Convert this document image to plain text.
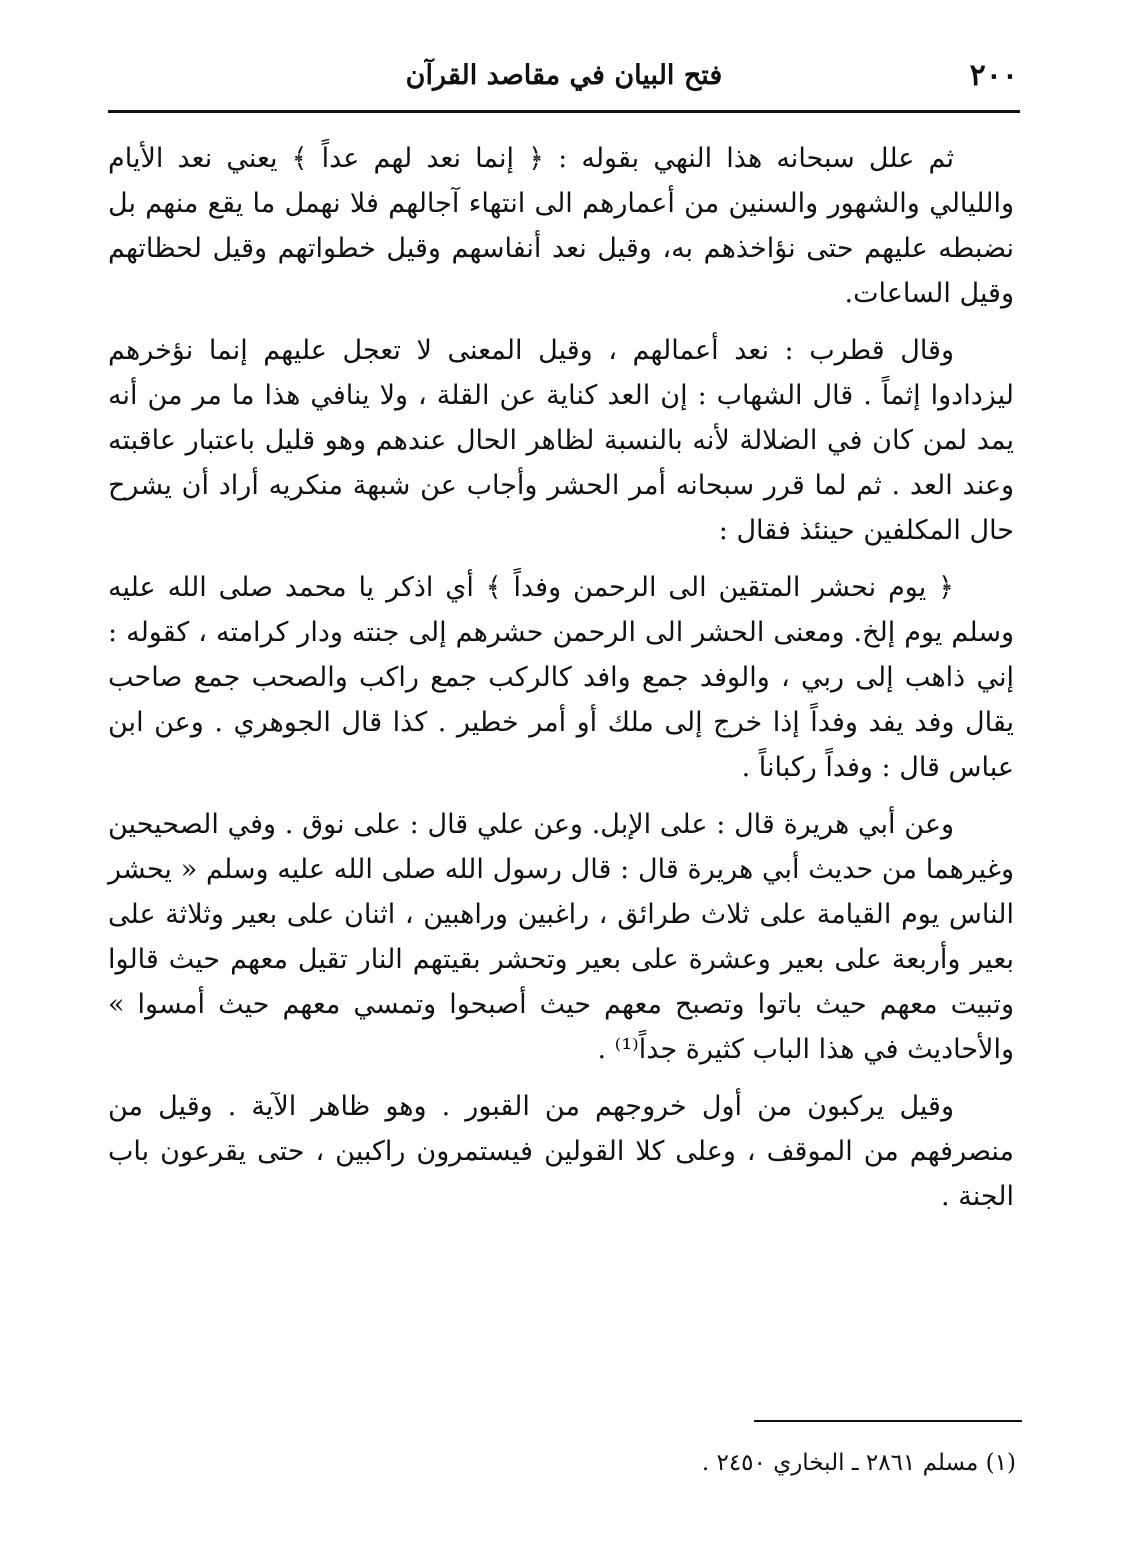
٢٠٠
فتح البيان في مقاصد القرآن

ثم علل سبحانه هذا النهي بقوله : ﴿ إنما نعد لهم عداً ﴾ يعني نعد الأيام والليالي والشهور والسنين من أعمارهم الى انتهاء آجالهم فلا نهمل ما يقع منهم بل نضبطه عليهم حتى نؤاخذهم به، وقيل نعد أنفاسهم وقيل خطواتهم وقيل لحظاتهم وقيل الساعات.

وقال قطرب : نعد أعمالهم ، وقيل المعنى لا تعجل عليهم إنما نؤخرهم ليزدادوا إثماً . قال الشهاب : إن العد كناية عن القلة ، ولا ينافي هذا ما مر من أنه يمد لمن كان في الضلالة لأنه بالنسبة لظاهر الحال عندهم وهو قليل باعتبار عاقبته وعند العد . ثم لما قرر سبحانه أمر الحشر وأجاب عن شبهة منكريه أراد أن يشرح حال المكلفين حينئذ فقال :

﴿ يوم نحشر المتقين الى الرحمن وفداً ﴾ أي اذكر يا محمد صلى الله عليه وسلم يوم إلخ. ومعنى الحشر الى الرحمن حشرهم إلى جنته ودار كرامته ، كقوله : إني ذاهب إلى ربي ، والوفد جمع وافد كالركب جمع راكب والصحب جمع صاحب يقال وفد يفد وفداً إذا خرج إلى ملك أو أمر خطير . كذا قال الجوهري . وعن ابن عباس قال : وفداً ركباناً .

وعن أبي هريرة قال : على الإبل. وعن علي قال : على نوق . وفي الصحيحين وغيرهما من حديث أبي هريرة قال : قال رسول الله صلى الله عليه وسلم « يحشر الناس يوم القيامة على ثلاث طرائق ، راغبين وراهبين ، اثنان على بعير وثلاثة على بعير وأربعة على بعير وعشرة على بعير وتحشر بقيتهم النار تقيل معهم حيث قالوا وتبيت معهم حيث باتوا وتصبح معهم حيث أصبحوا وتمسي معهم حيث أمسوا » والأحاديث في هذا الباب كثيرة جداً⁽¹⁾ .

وقيل يركبون من أول خروجهم من القبور . وهو ظاهر الآية . وقيل من منصرفهم من الموقف ، وعلى كلا القولين فيستمرون راكبين ، حتى يقرعون باب الجنة .

(١) مسلم ٢٨٦١ ـ البخاري ٢٤٥٠ .
